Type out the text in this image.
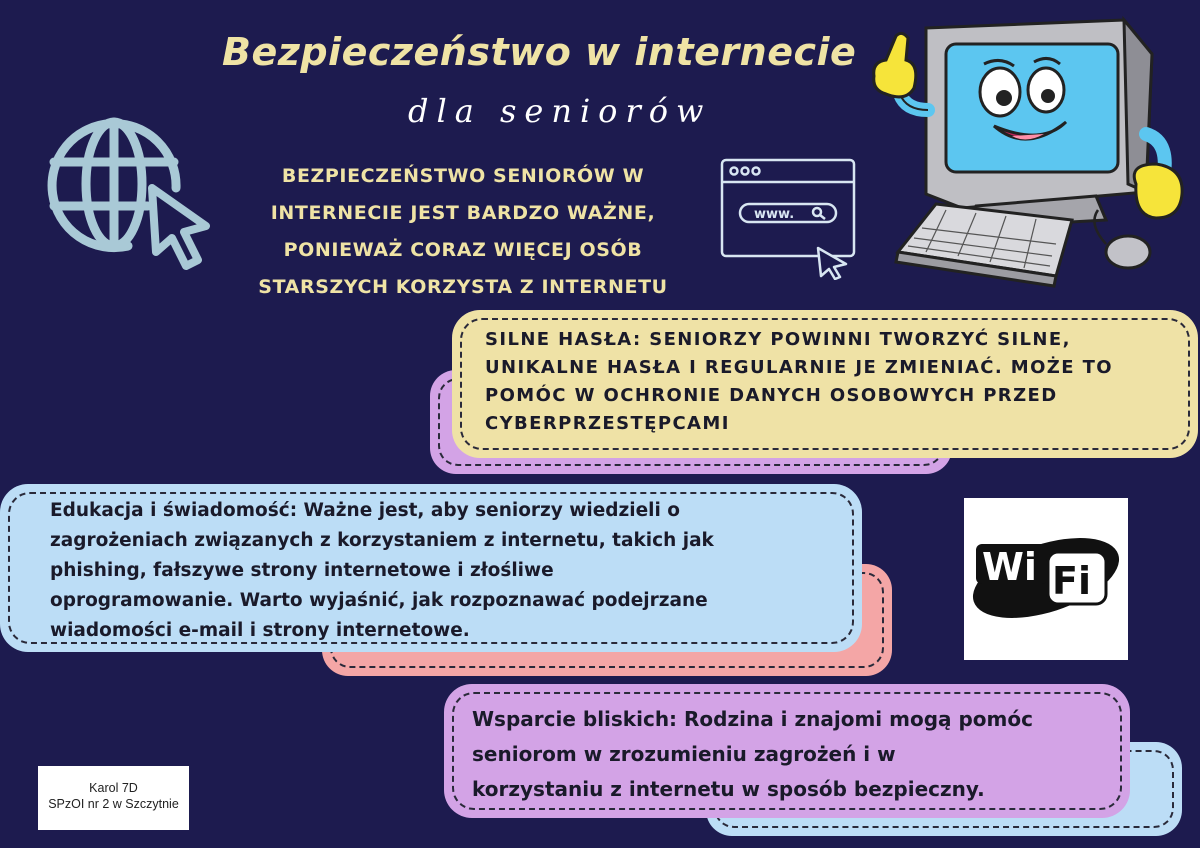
Bezpieczeństwo w internecie
dla seniorów
BEZPIECZEŃSTWO SENIORÓW W
INTERNECIE JEST BARDZO WAŻNE,
PONIEWAŻ CORAZ WIĘCEJ OSÓB
STARSZYCH KORZYSTA Z INTERNETU
www.
SILNE HASŁA: SENIORZY POWINNI TWORZYĆ SILNE,
UNIKALNE HASŁA I REGULARNIE JE ZMIENIAĆ. MOŻE TO
POMÓC W OCHRONIE DANYCH OSOBOWYCH PRZED
CYBERPRZESTĘPCAMI
Edukacja i świadomość: Ważne jest, aby seniorzy wiedzieli o
zagrożeniach związanych z korzystaniem z internetu, takich jak
phishing, fałszywe strony internetowe i złośliwe
oprogramowanie. Warto wyjaśnić, jak rozpoznawać podejrzane
wiadomości e-mail i strony internetowe.
Wi Fi
Wsparcie bliskich: Rodzina i znajomi mogą pomóc
seniorom w zrozumieniu zagrożeń i w
korzystaniu z internetu w sposób bezpieczny.
Karol 7D
SPzOI nr 2 w Szczytnie
